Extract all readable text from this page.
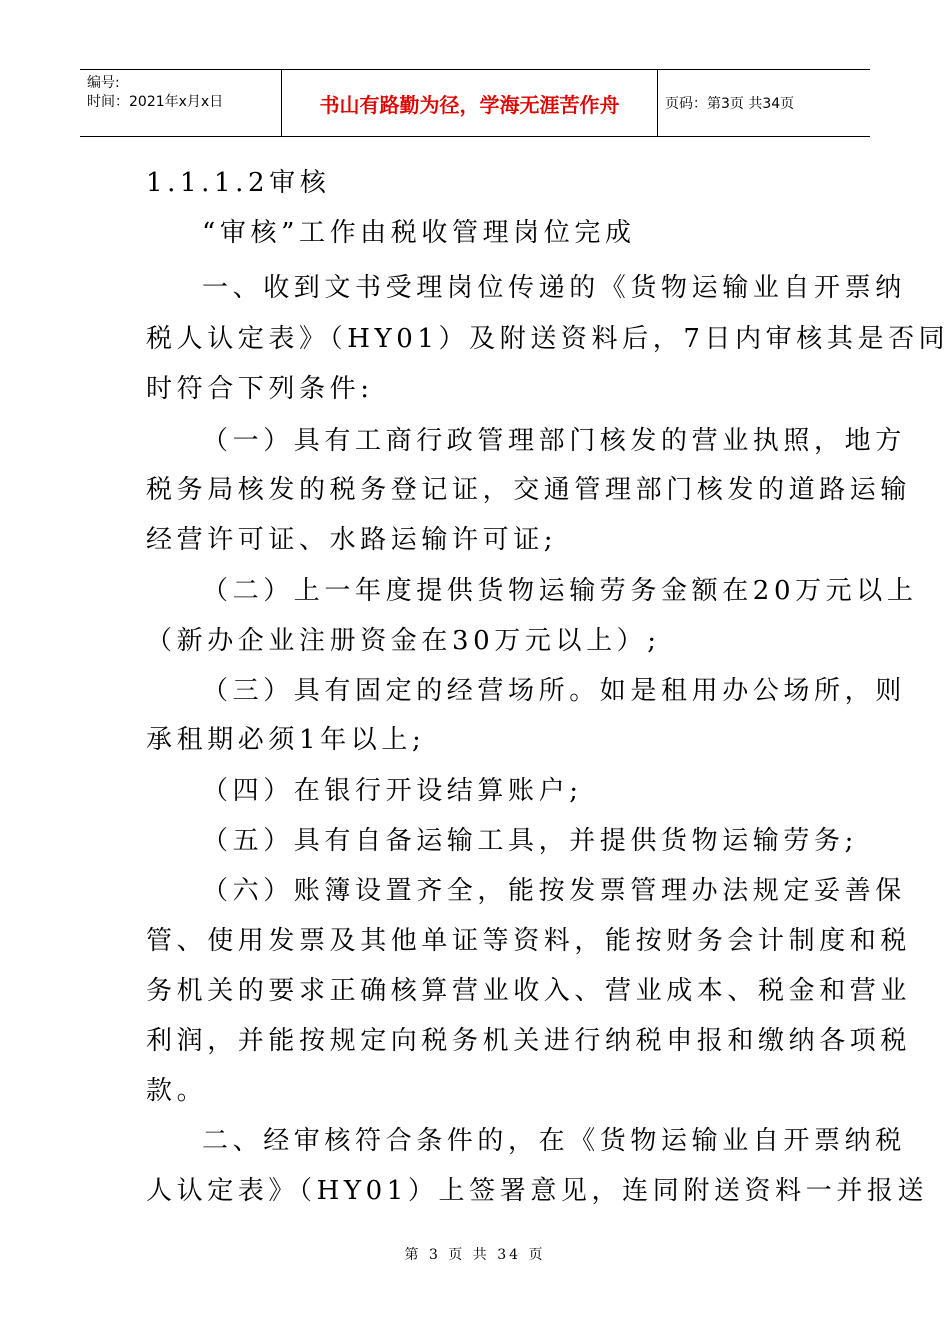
编号:
时间：2021年x月x日	书山有路勤为径，学海无涯苦作舟	页码：第3页 共34页
1.1.1.2审核
“审核”工作由税收管理岗位完成
一、收到文书受理岗位传递的《货物运输业自开票纳
税人认定表》（HY01）及附送资料后，7日内审核其是否同
时符合下列条件:
（一）具有工商行政管理部门核发的营业执照，地方
税务局核发的税务登记证，交通管理部门核发的道路运输
经营许可证、水路运输许可证;
（二）上一年度提供货物运输劳务金额在20万元以上
（新办企业注册资金在30万元以上）;
（三）具有固定的经营场所。如是租用办公场所，则
承租期必须1年以上;
（四）在银行开设结算账户;
（五）具有自备运输工具，并提供货物运输劳务;
（六）账簿设置齐全，能按发票管理办法规定妥善保
管、使用发票及其他单证等资料，能按财务会计制度和税
务机关的要求正确核算营业收入、营业成本、税金和营业
利润，并能按规定向税务机关进行纳税申报和缴纳各项税
款。
二、经审核符合条件的，在《货物运输业自开票纳税
人认定表》（HY01）上签署意见，连同附送资料一并报送
第 3 页 共 34 页
